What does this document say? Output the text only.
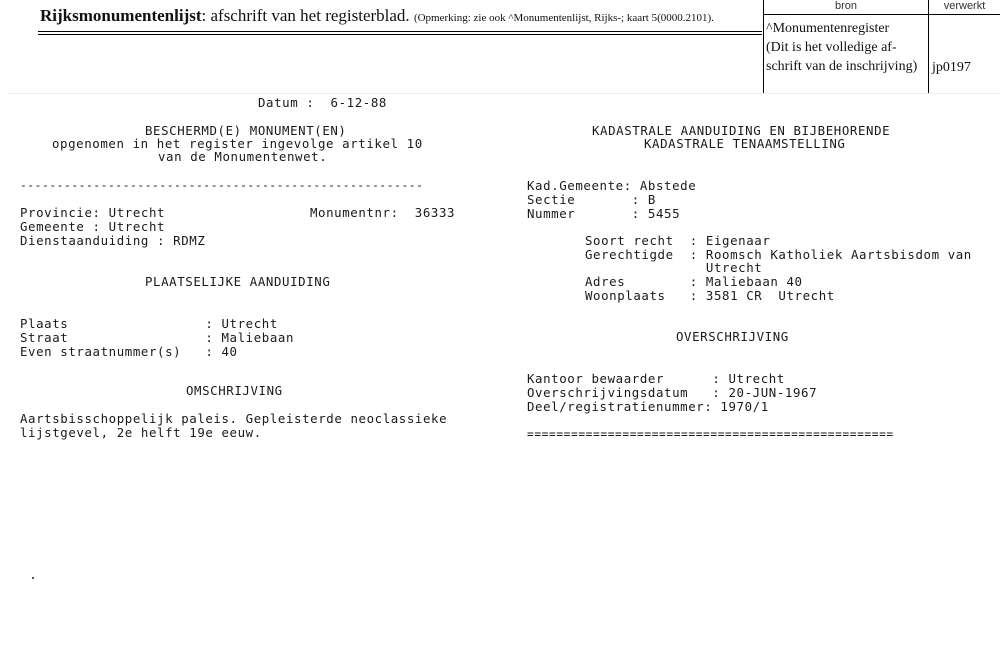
Rijksmonumentenlijst: afschrift van het registerblad. (Opmerking: zie ook ^Monumentenlijst, Rijks-; kaart 5(0000.2101).
bron	verwerkt
^Monumentenregister
(Dit is het volledige af-
schrift van de inschrijving) jp0197
Datum :  6-12-88
BESCHERMD(E) MONUMENT(EN)
opgenomen in het register ingevolge artikel 10
van de Monumentenwet.
-------------------------------------------------------
Provincie: Utrecht	Monumentnr:  36333
Gemeente : Utrecht
Dienstaanduiding : RDMZ
PLAATSELIJKE AANDUIDING
Plaats                 : Utrecht
Straat                 : Maliebaan
Even straatnummer(s)   : 40
OMSCHRIJVING
Aartsbisschoppelijk paleis. Gepleisterde neoclassieke
lijstgevel, 2e helft 19e eeuw.
KADASTRALE AANDUIDING EN BIJBEHORENDE
KADASTRALE TENAAMSTELLING
Kad.Gemeente: Abstede
Sectie       : B
Nummer       : 5455
Soort recht  : Eigenaar
Gerechtigde  : Roomsch Katholiek Aartsbisdom van
Utrecht
Adres        : Maliebaan 40
Woonplaats   : 3581 CR  Utrecht
OVERSCHRIJVING
Kantoor bewaarder      : Utrecht
Overschrijvingsdatum   : 20-JUN-1967
Deel/registratienummer: 1970/1
==================================================
